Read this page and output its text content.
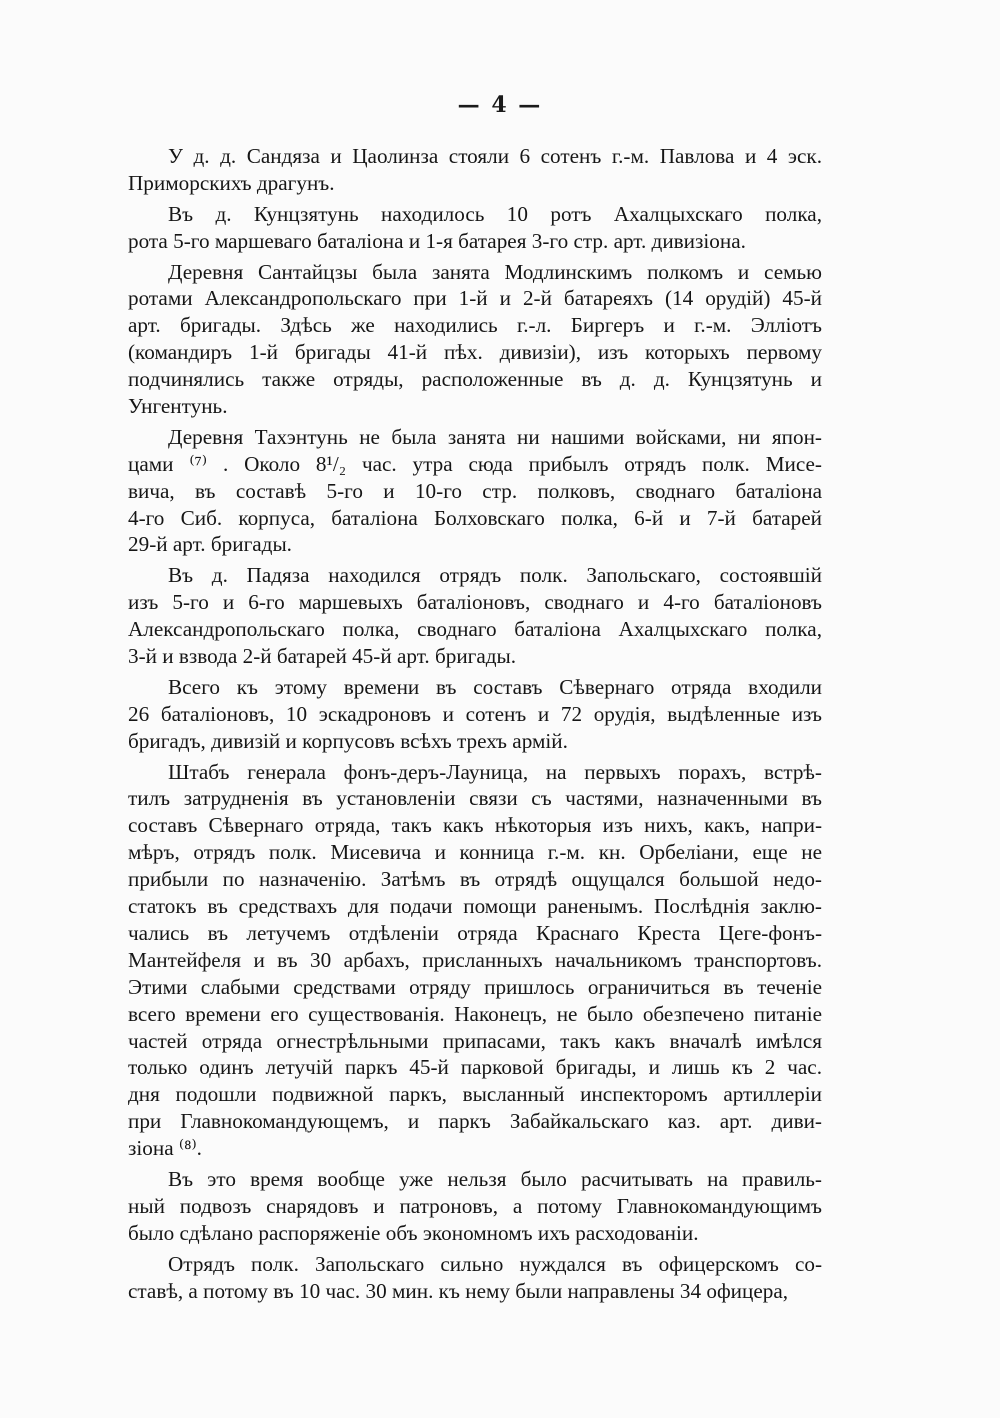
— 4 —
У д. д. Сандяза и Цаолинза стояли 6 сотенъ г.-м. Павлова и 4 эск.
Приморскихъ драгунъ.
Въ д. Кунцзятунь находилось 10 ротъ Ахалцыхскаго полка,
рота 5-го маршеваго баталiона и 1-я батарея 3-го стр. арт. дивизiона.
Деревня Сантайцзы была занята Модлинскимъ полкомъ и семью
ротами Александропольскаго при 1-й и 2-й батареяхъ (14 орудiй) 45-й
арт. бригады. Здѣсь же находились г.-л. Биргеръ и г.-м. Эллiотъ
(командиръ 1-й бригады 41-й пѣх. дивизiи), изъ которыхъ первому
подчинялись также отряды, расположенные въ д. д. Кунцзятунь и
Унгентунь.
Деревня Тахэнтунь не была занята ни нашими войсками, ни япон-
цами ⁽⁷⁾ . Около 8¹/₂ час. утра сюда прибылъ отрядъ полк. Мисе-
вича, въ составѣ 5-го и 10-го стр. полковъ, своднаго баталiона
4-го Сиб. корпуса, баталiона Болховскаго полка, 6-й и 7-й батарей
29-й арт. бригады.
Въ д. Падяза находился отрядъ полк. Запольскаго, состоявшiй
изъ 5-го и 6-го маршевыхъ баталiоновъ, своднаго и 4-го баталiоновъ
Александропольскаго полка, своднаго баталiона Ахалцыхскаго полка,
3-й и взвода 2-й батарей 45-й арт. бригады.
Всего къ этому времени въ составъ Сѣвернаго отряда входили
26 баталiоновъ, 10 эскадроновъ и сотенъ и 72 орудiя, выдѣленные изъ
бригадъ, дивизiй и корпусовъ всѣхъ трехъ армiй.
Штабъ генерала фонъ-деръ-Лауница, на первыхъ порахъ, встрѣ-
тилъ затрудненiя въ установленiи связи съ частями, назначенными въ
составъ Сѣвернаго отряда, такъ какъ нѣкоторыя изъ нихъ, какъ, напри-
мѣръ, отрядъ полк. Мисевича и конница г.-м. кн. Орбелiани, еще не
прибыли по назначенiю. Затѣмъ въ отрядѣ ощущался большой недо-
статокъ въ средствахъ для подачи помощи раненымъ. Послѣднiя заклю-
чались въ летучемъ отдѣленiи отряда Краснаго Креста Цеге-фонъ-
Мантейфеля и въ 30 арбахъ, присланныхъ начальникомъ транспортовъ.
Этими слабыми средствами отряду пришлось ограничиться въ теченiе
всего времени его существованiя. Наконецъ, не было обезпечено питанiе
частей отряда огнестрѣльными припасами, такъ какъ вначалѣ имѣлся
только одинъ летучiй паркъ 45-й парковой бригады, и лишь къ 2 час.
дня подошли подвижной паркъ, высланный инспекторомъ артиллерiи
при Главнокомандующемъ, и паркъ Забайкальскаго каз. арт. диви-
зiона ⁽⁸⁾.
Въ это время вообще уже нельзя было расчитывать на правиль-
ный подвозъ снарядовъ и патроновъ, а потому Главнокомандующимъ
было сдѣлано распоряженiе объ экономномъ ихъ расходованiи.
Отрядъ полк. Запольскаго сильно нуждался въ офицерскомъ со-
ставѣ, а потому въ 10 час. 30 мин. къ нему были направлены 34 офицера,
